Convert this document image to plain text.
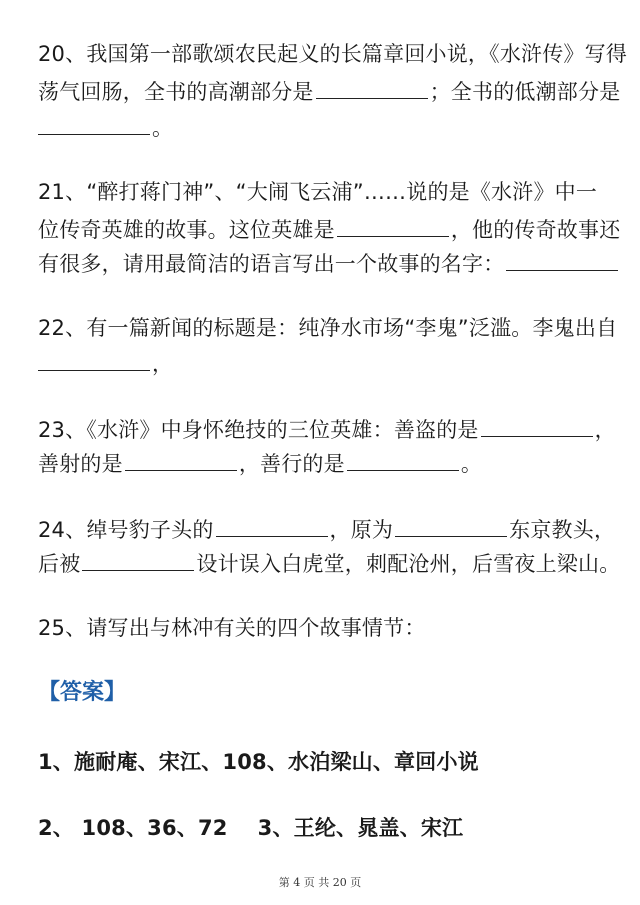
20、我国第一部歌颂农民起义的长篇章回小说，《水浒传》写得
荡气回肠，全书的高潮部分是	；全书的低潮部分是
。
21、“醉打蒋门神”、“大闹飞云浦”……说的是《水浒》中一
位传奇英雄的故事。这位英雄是	，他的传奇故事还
有很多，请用最简洁的语言写出一个故事的名字：
22、有一篇新闻的标题是：纯净水市场“李鬼”泛滥。李鬼出自
，
23、《水浒》中身怀绝技的三位英雄：善盗的是	，
善射的是	，善行的是	。
24、绰号豹子头的	，原为	东京教头，
后被	设计误入白虎堂，刺配沧州，后雪夜上梁山。
25、请写出与林冲有关的四个故事情节：
【答案】
1、施耐庵、宋江、108、水泊梁山、章回小说
2、 108、36、72    3、王纶、晁盖、宋江
第 4 页 共 20 页
